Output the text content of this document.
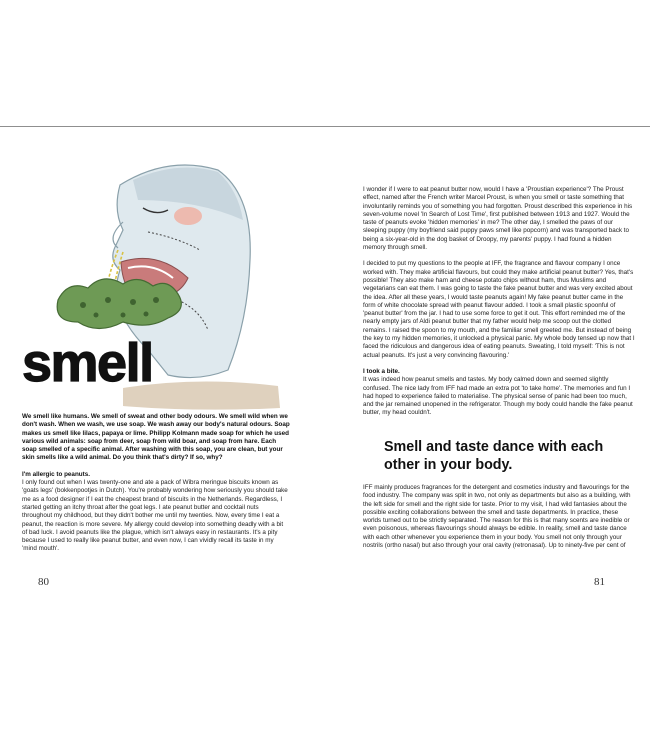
smell

We smell like humans. We smell of sweat and other body odours. We smell wild when we don't wash. When we wash, we use soap. We wash away our body's natural odours. Soap makes us smell like lilacs, papaya or lime. Philipp Kolmann made soap for which he used various wild animals: soap from deer, soap from wild boar, and soap from hare. Each soap smelled of a specific animal. After washing with this soap, you are clean, but your skin smells like a wild animal. Do you think that's dirty? If so, why?

I'm allergic to peanuts.

I only found out when I was twenty-one and ate a pack of Wibra meringue biscuits known as 'goats legs' (bokkenpootjes in Dutch). You're probably wondering how seriously you should take me as a food designer if I eat the cheapest brand of biscuits in the Netherlands. Regardless, I started getting an itchy throat after the goat legs. I ate peanut butter and cocktail nuts throughout my childhood, but they didn't bother me until my twenties. Now, every time I eat a peanut, the reaction is more severe. My allergy could develop into something deadly with a bit of bad luck. I avoid peanuts like the plague, which isn't always easy in restaurants. It's a pity because I used to really like peanut butter, and even now, I can vividly recall its taste in my 'mind mouth'.

80

I wonder if I were to eat peanut butter now, would I have a 'Proustian experience'? The Proust effect, named after the French writer Marcel Proust, is when you smell or taste something that involuntarily reminds you of something you had forgotten. Proust described this experience in his seven-volume novel 'In Search of Lost Time', first published between 1913 and 1927. Would the taste of peanuts evoke 'hidden memories' in me? The other day, I smelled the paws of our sleeping puppy (my boyfriend said puppy paws smell like popcorn) and was transported back to being a six-year-old in the dog basket of Droopy, my parents' puppy. I had found a hidden memory through smell.

I decided to put my questions to the people at IFF, the fragrance and flavour company I once worked with. They make artificial flavours, but could they make artificial peanut butter? Yes, that's possible! They also make ham and cheese potato chips without ham, thus Muslims and vegetarians can eat them. I was going to taste the fake peanut butter and was very excited about the idea. After all these years, I would taste peanuts again! My fake peanut butter came in the form of white chocolate spread with peanut flavour added. I took a small plastic spoonful of 'peanut butter' from the jar. I had to use some force to get it out. This effort reminded me of the nearly empty jars of Aldi peanut butter that my father would help me scoop out the clotted remains. I raised the spoon to my mouth, and the familiar smell greeted me. But instead of being the key to my hidden memories, it unlocked a physical panic. My whole body tensed up now that I faced the ridiculous and dangerous idea of eating peanuts. Sweating, I told myself: 'This is not actual peanuts. It's just a very convincing flavouring.'

I took a bite.

It was indeed how peanut smells and tastes. My body calmed down and seemed slightly confused. The nice lady from IFF had made an extra pot 'to take home'. The memories and fun I had hoped to experience failed to materialise. The physical sense of panic had been too much, and the jar remained unopened in the refrigerator. Though my body could handle the fake peanut butter, my head couldn't.

Smell and taste dance with each other in your body.

IFF mainly produces fragrances for the detergent and cosmetics industry and flavourings for the food industry. The company was split in two, not only as departments but also as a building, with the left side for smell and the right side for taste. Prior to my visit, I had wild fantasies about the possible exciting collaborations between the smell and taste departments. In practice, these worlds turned out to be strictly separated. The reason for this is that many scents are inedible or even poisonous, whereas flavourings should always be edible. In reality, smell and taste dance with each other whenever you experience them in your body. You smell not only through your nostrils (ortho nasal) but also through your oral cavity (retronasal). Up to ninety-five per cent of

81
